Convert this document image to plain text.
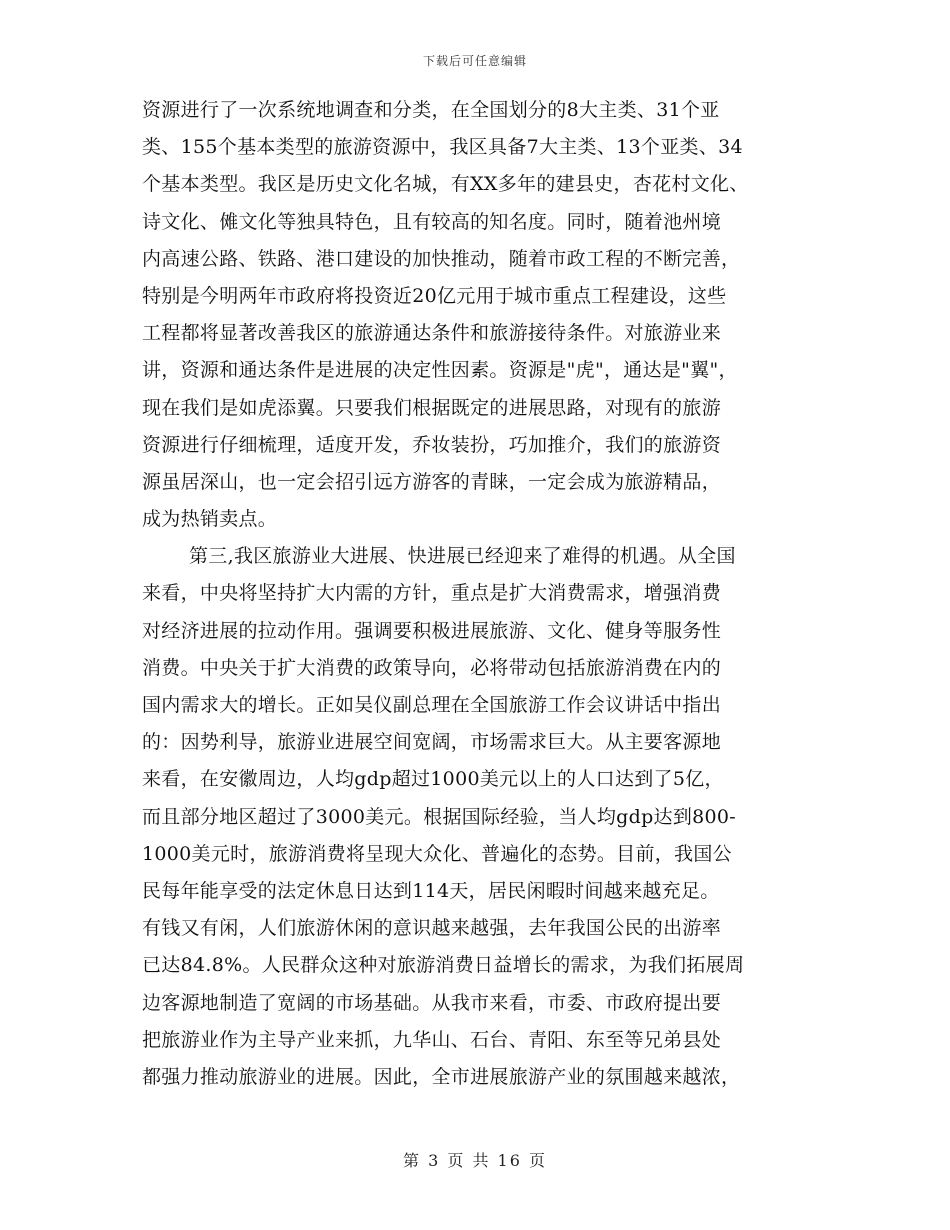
下载后可任意编辑
资源进行了一次系统地调查和分类，在全国划分的8大主类、31个亚
类、155个基本类型的旅游资源中，我区具备7大主类、13个亚类、34
个基本类型。我区是历史文化名城，有XX多年的建县史，杏花村文化、
诗文化、傩文化等独具特色，且有较高的知名度。同时，随着池州境
内高速公路、铁路、港口建设的加快推动，随着市政工程的不断完善，
特别是今明两年市政府将投资近20亿元用于城市重点工程建设，这些
工程都将显著改善我区的旅游通达条件和旅游接待条件。对旅游业来
讲，资源和通达条件是进展的决定性因素。资源是"虎"，通达是"翼"，
现在我们是如虎添翼。只要我们根据既定的进展思路，对现有的旅游
资源进行仔细梳理，适度开发，乔妆装扮，巧加推介，我们的旅游资
源虽居深山，也一定会招引远方游客的青睐，一定会成为旅游精品，
成为热销卖点。
第三,我区旅游业大进展、快进展已经迎来了难得的机遇。从全国
来看，中央将坚持扩大内需的方针，重点是扩大消费需求，增强消费
对经济进展的拉动作用。强调要积极进展旅游、文化、健身等服务性
消费。中央关于扩大消费的政策导向，必将带动包括旅游消费在内的
国内需求大的增长。正如吴仪副总理在全国旅游工作会议讲话中指出
的：因势利导，旅游业进展空间宽阔，市场需求巨大。从主要客源地
来看，在安徽周边，人均gdp超过1000美元以上的人口达到了5亿，
而且部分地区超过了3000美元。根据国际经验，当人均gdp达到800-
1000美元时，旅游消费将呈现大众化、普遍化的态势。目前，我国公
民每年能享受的法定休息日达到114天，居民闲暇时间越来越充足。
有钱又有闲，人们旅游休闲的意识越来越强，去年我国公民的出游率
已达84.8%。人民群众这种对旅游消费日益增长的需求，为我们拓展周
边客源地制造了宽阔的市场基础。从我市来看，市委、市政府提出要
把旅游业作为主导产业来抓，九华山、石台、青阳、东至等兄弟县处
都强力推动旅游业的进展。因此，全市进展旅游产业的氛围越来越浓，
第 3 页 共 16 页
